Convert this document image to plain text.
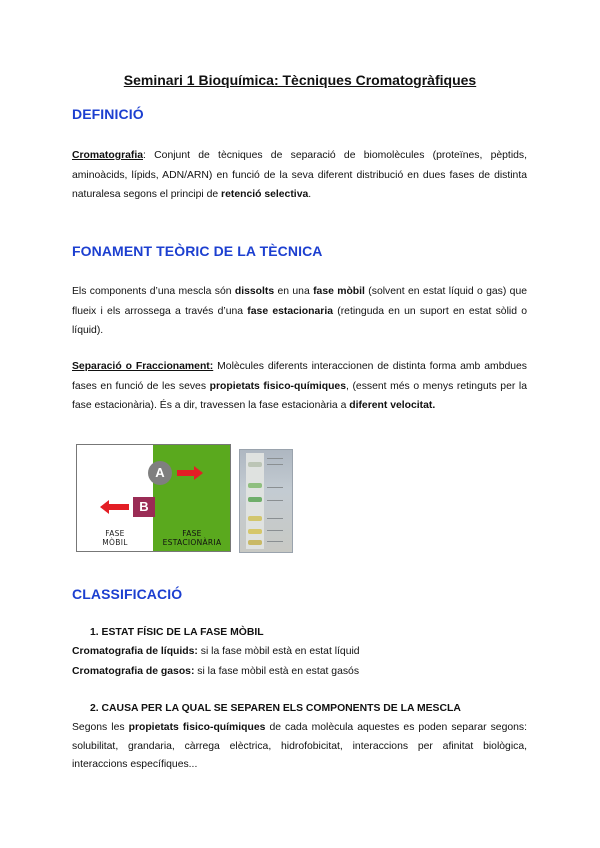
Seminari 1 Bioquímica: Tècniques Cromatogràfiques
DEFINICIÓ
Cromatografia: Conjunt de tècniques de separació de biomolècules (proteïnes, pèptids, aminoàcids, lípids, ADN/ARN) en funció de la seva diferent distribució en dues fases de distinta naturalesa segons el principi de retenció selectiva.
FONAMENT TEÒRIC DE LA TÈCNICA
Els components d’una mescla són dissolts en una fase mòbil (solvent en estat líquid o gas) que flueix i els arrossega a través d’una fase estacionaria (retinguda en un suport en estat sòlid o líquid).
Separació o Fraccionament: Molècules diferents interaccionen de distinta forma amb ambdues fases en funció de les seves propietats fisico-químiques, (essent més o menys retinguts per la fase estacionària). És a dir, travessen la fase estacionària a diferent velocitat.
A
B
FASE
MÒBIL
FASE
ESTACIONÀRIA
CLASSIFICACIÓ
1. ESTAT FÍSIC DE LA FASE MÒBIL
Cromatografia de líquids: si la fase mòbil està en estat líquid
Cromatografia de gasos: si la fase mòbil està en estat gasós
2. CAUSA PER LA QUAL SE SEPAREN ELS COMPONENTS DE LA MESCLA
Segons les propietats fisico-químiques de cada molècula aquestes es poden separar segons: solubilitat, grandaria, càrrega elèctrica, hidrofobicitat, interaccions per afinitat biològica, interaccions específiques...
